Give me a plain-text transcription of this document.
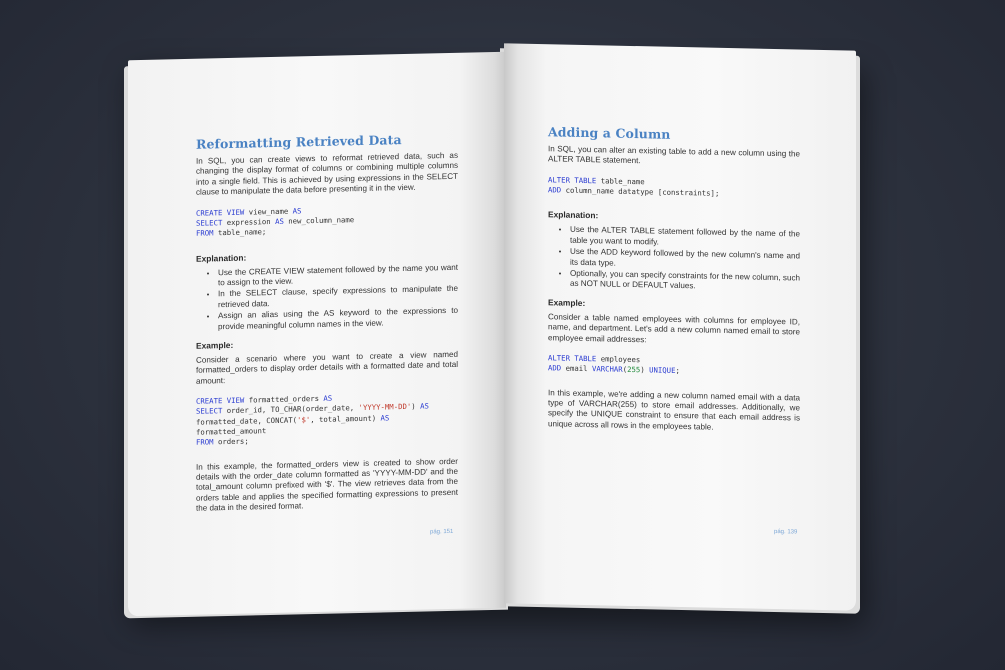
Reformatting Retrieved Data

In SQL, you can create views to reformat retrieved data, such as changing the display format of columns or combining multiple columns into a single field. This is achieved by using expressions in the SELECT clause to manipulate the data before presenting it in the view.

CREATE VIEW view_name AS
SELECT expression AS new_column_name
FROM table_name;
Explanation:
• Use the CREATE VIEW statement followed by the name you want to assign to the view.
• In the SELECT clause, specify expressions to manipulate the retrieved data.
• Assign an alias using the AS keyword to the expressions to provide meaningful column names in the view.
Example:

Consider a scenario where you want to create a view named formatted_orders to display order details with a formatted date and total amount:

CREATE VIEW formatted_orders AS
SELECT order_id, TO_CHAR(order_date, 'YYYY-MM-DD') AS
formatted_date, CONCAT('$', total_amount) AS
formatted_amount
FROM orders;

In this example, the formatted_orders view is created to show order details with the order_date column formatted as 'YYYY-MM-DD' and the total_amount column prefixed with '$'. The view retrieves data from the orders table and applies the specified formatting expressions to present the data in the desired format.

pág. 151
Adding a Column

In SQL, you can alter an existing table to add a new column using the ALTER TABLE statement.

ALTER TABLE table_name
ADD column_name datatype [constraints];
Explanation:
• Use the ALTER TABLE statement followed by the name of the table you want to modify.
• Use the ADD keyword followed by the new column's name and its data type.
• Optionally, you can specify constraints for the new column, such as NOT NULL or DEFAULT values.
Example:

Consider a table named employees with columns for employee ID, name, and department. Let's add a new column named email to store employee email addresses:

ALTER TABLE employees
ADD email VARCHAR(255) UNIQUE;

In this example, we're adding a new column named email with a data type of VARCHAR(255) to store email addresses. Additionally, we specify the UNIQUE constraint to ensure that each email address is unique across all rows in the employees table.

pág. 139
